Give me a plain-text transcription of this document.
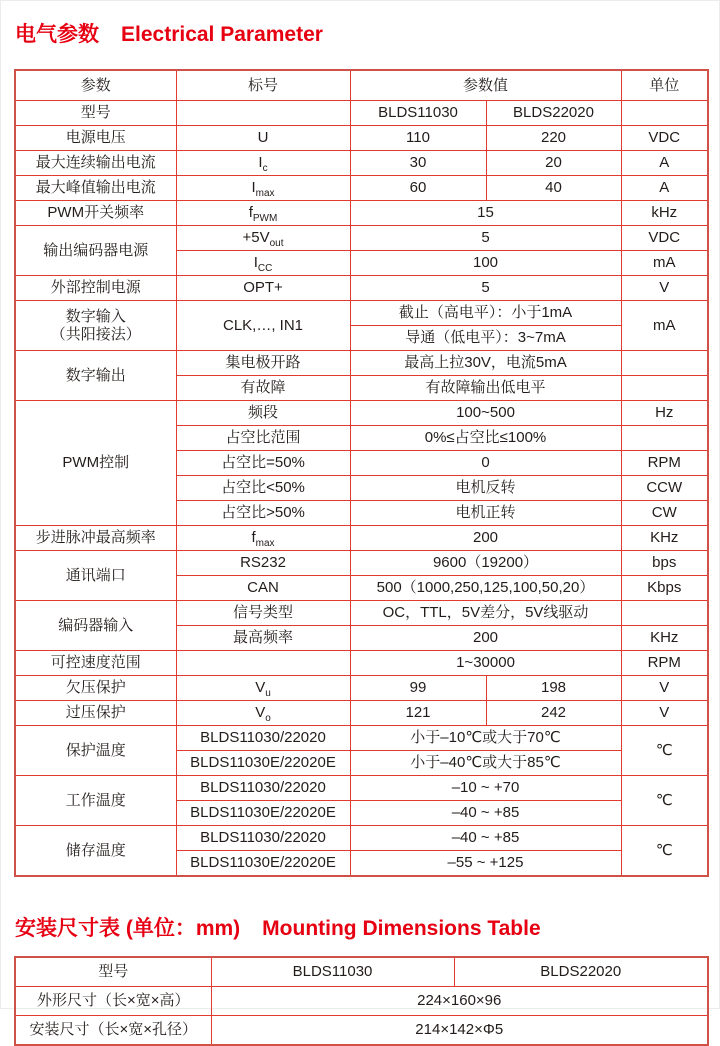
电气参数 Electrical Parameter
参数	标号	参数值		单位
型号		BLDS11030	BLDS22020	
电源电压	U	110	220	VDC
最大连续输出电流	$I_c$	30	20	A
最大峰值输出电流	$I_{max}$	60	40	A
PWM开关频率	$f_{PWM}$	15		kHz
输出编码器电源	$+5V_{out}$	5		VDC
	$I_{CC}$	100		mA
外部控制电源	OPT+	5		V

数字输入
（共阳接法）	CLK,…, IN1	截止（高电平）：小于1mA		mA
		导通（低电平）：3~7mA		
数字输出	集电极开路	最高上拉30V，电流5mA		
	有故障	有故障输出低电平		
PWM控制	频段	100~500		Hz
	占空比范围	0%≤占空比≤100%		
	占空比=50%	0		RPM
	占空比<50%	电机反转		CCW
	占空比>50%	电机正转		CW
步进脉冲最高频率	$f_{max}$	200		KHz
通讯端口	RS232	9600（19200）		bps
	CAN	500（1000,250,125,100,50,20）		Kbps
编码器输入	信号类型	OC，TTL，5V差分，5V线驱动		
	最高频率	200		KHz
可控速度范围		1~30000		RPM
欠压保护	$V_u$	99	198	V
过压保护	$V_o$	121	242	V
保护温度	BLDS11030/22020	小于–10℃或大于70℃		℃
	BLDS11030E/22020E	小于–40℃或大于85℃		
工作温度	BLDS11030/22020	–10 ~ +70		℃
	BLDS11030E/22020E	–40 ~ +85		
储存温度	BLDS11030/22020	–40 ~ +85		℃
	BLDS11030E/22020E	–55 ~ +125		
安装尺寸表 (单位：mm) Mounting Dimensions Table
型号	BLDS11030	BLDS22020
外形尺寸（长×宽×高）	224×160×96	
安装尺寸（长×宽×孔径）	214×142×Φ5	
